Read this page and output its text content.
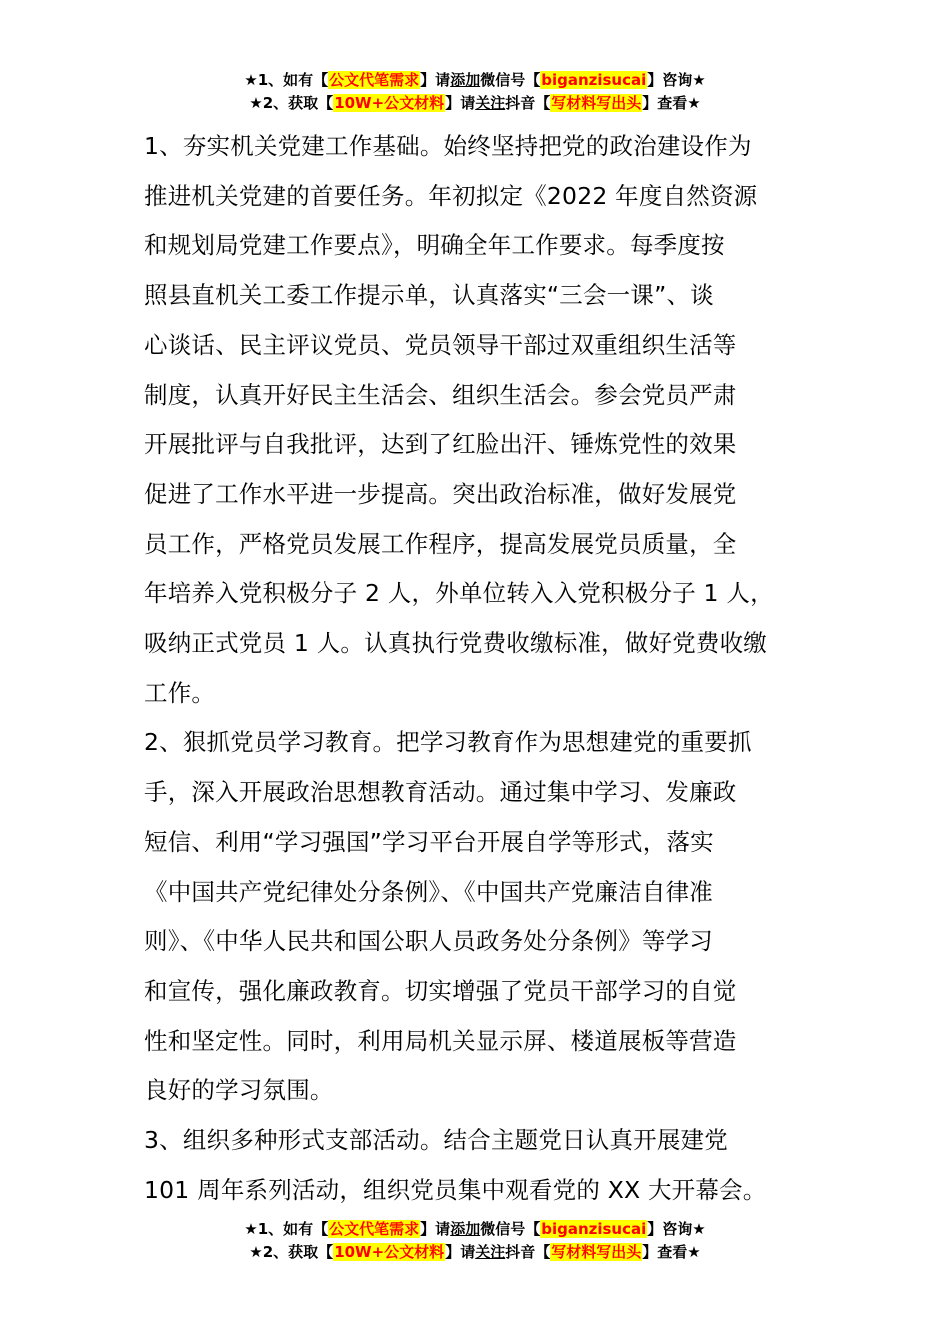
★1、如有【公文代笔需求】请添加微信号【biganzisucai】咨询★
★2、获取【10W+公文材料】请关注抖音【写材料写出头】查看★
1、夯实机关党建工作基础。始终坚持把党的政治建设作为
推进机关党建的首要任务。年初拟定《2022 年度自然资源
和规划局党建工作要点》，明确全年工作要求。每季度按
照县直机关工委工作提示单，认真落实“三会一课”、谈
心谈话、民主评议党员、党员领导干部过双重组织生活等
制度，认真开好民主生活会、组织生活会。参会党员严肃
开展批评与自我批评，达到了红脸出汗、锤炼党性的效果
促进了工作水平进一步提高。突出政治标准，做好发展党
员工作，严格党员发展工作程序，提高发展党员质量，全
年培养入党积极分子 2 人，外单位转入入党积极分子 1 人，
吸纳正式党员 1 人。认真执行党费收缴标准，做好党费收缴
工作。
2、狠抓党员学习教育。把学习教育作为思想建党的重要抓
手，深入开展政治思想教育活动。通过集中学习、发廉政
短信、利用“学习强国”学习平台开展自学等形式，落实
《中国共产党纪律处分条例》、《中国共产党廉洁自律准
则》、《中华人民共和国公职人员政务处分条例》等学习
和宣传，强化廉政教育。切实增强了党员干部学习的自觉
性和坚定性。同时，利用局机关显示屏、楼道展板等营造
良好的学习氛围。
3、组织多种形式支部活动。结合主题党日认真开展建党
101 周年系列活动，组织党员集中观看党的 XX 大开幕会。
★1、如有【公文代笔需求】请添加微信号【biganzisucai】咨询★
★2、获取【10W+公文材料】请关注抖音【写材料写出头】查看★
